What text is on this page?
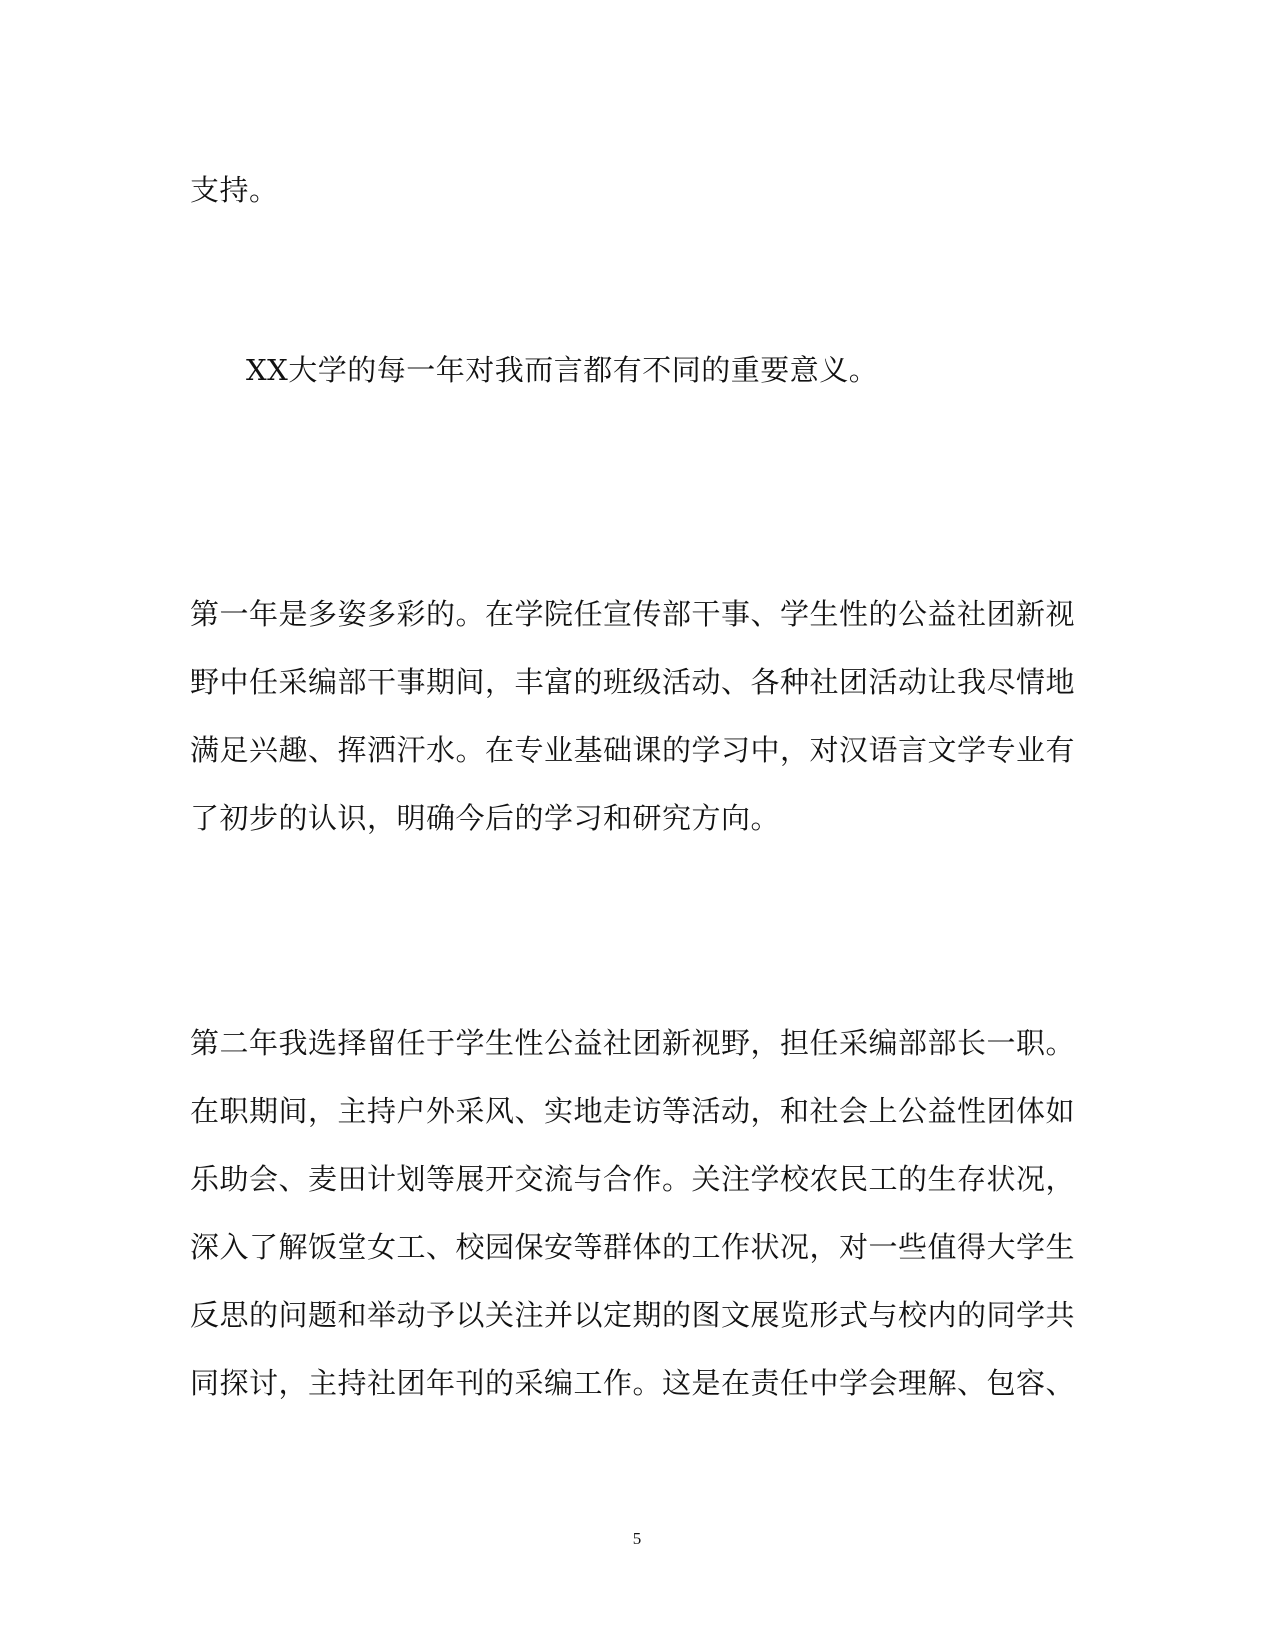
支持。
XX大学的每一年对我而言都有不同的重要意义。
第一年是多姿多彩的。在学院任宣传部干事、学生性的公益社团新视
野中任采编部干事期间，丰富的班级活动、各种社团活动让我尽情地
满足兴趣、挥洒汗水。在专业基础课的学习中，对汉语言文学专业有
了初步的认识，明确今后的学习和研究方向。
第二年我选择留任于学生性公益社团新视野，担任采编部部长一职。
在职期间，主持户外采风、实地走访等活动，和社会上公益性团体如
乐助会、麦田计划等展开交流与合作。关注学校农民工的生存状况，
深入了解饭堂女工、校园保安等群体的工作状况，对一些值得大学生
反思的问题和举动予以关注并以定期的图文展览形式与校内的同学共
同探讨，主持社团年刊的采编工作。这是在责任中学会理解、包容、
5
